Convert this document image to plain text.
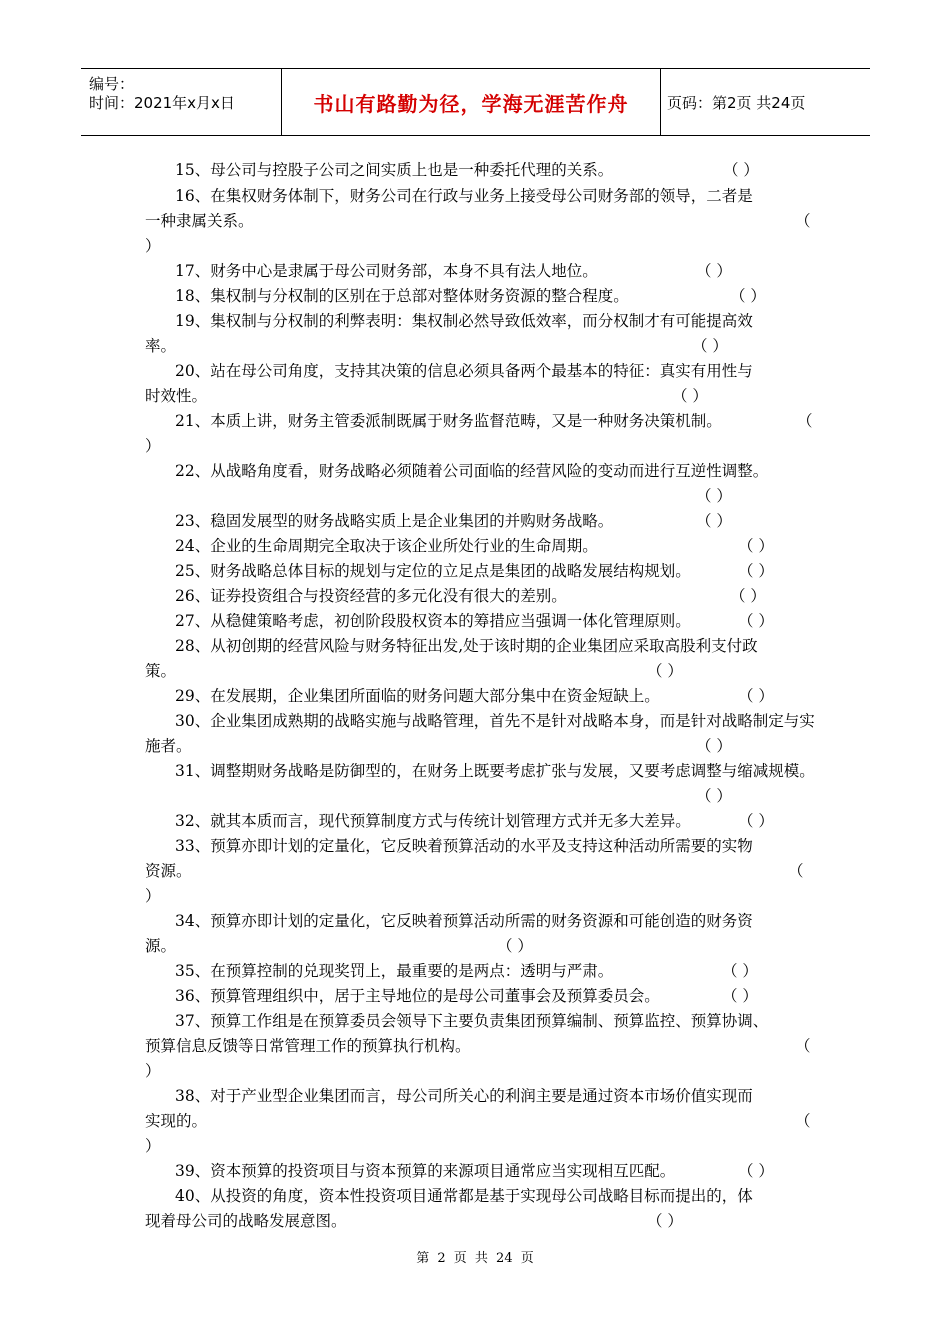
编号：
时间：2021年x月x日	书山有路勤为径，学海无涯苦作舟	页码：第2页 共24页
15、母公司与控股子公司之间实质上也是一种委托代理的关系。	（ ）
16、在集权财务体制下，财务公司在行政与业务上接受母公司财务部的领导，二者是
一种隶属关系。	（
）
17、财务中心是隶属于母公司财务部，本身不具有法人地位。	（ ）
18、集权制与分权制的区别在于总部对整体财务资源的整合程度。	（ ）
19、集权制与分权制的利弊表明：集权制必然导致低效率，而分权制才有可能提高效
率。	（ ）
20、站在母公司角度，支持其决策的信息必须具备两个最基本的特征：真实有用性与
时效性。	（ ）
21、本质上讲，财务主管委派制既属于财务监督范畴，又是一种财务决策机制。	（
）
22、从战略角度看，财务战略必须随着公司面临的经营风险的变动而进行互逆性调整。
（ ）
23、稳固发展型的财务战略实质上是企业集团的并购财务战略。	（ ）
24、企业的生命周期完全取决于该企业所处行业的生命周期。	（ ）
25、财务战略总体目标的规划与定位的立足点是集团的战略发展结构规划。	（ ）
26、证券投资组合与投资经营的多元化没有很大的差别。	（ ）
27、从稳健策略考虑，初创阶段股权资本的筹措应当强调一体化管理原则。	（ ）
28、从初创期的经营风险与财务特征出发,处于该时期的企业集团应采取高股利支付政
策。	（ ）
29、在发展期，企业集团所面临的财务问题大部分集中在资金短缺上。	（ ）
30、企业集团成熟期的战略实施与战略管理，首先不是针对战略本身，而是针对战略制定与实
施者。	（ ）
31、调整期财务战略是防御型的，在财务上既要考虑扩张与发展，又要考虑调整与缩减规模。
（ ）
32、就其本质而言，现代预算制度方式与传统计划管理方式并无多大差异。	（ ）
33、预算亦即计划的定量化，它反映着预算活动的水平及支持这种活动所需要的实物
资源。	（
）
34、预算亦即计划的定量化，它反映着预算活动所需的财务资源和可能创造的财务资
源。	（ ）
35、在预算控制的兑现奖罚上，最重要的是两点：透明与严肃。	（ ）
36、预算管理组织中，居于主导地位的是母公司董事会及预算委员会。	（ ）
37、预算工作组是在预算委员会领导下主要负责集团预算编制、预算监控、预算协调、
预算信息反馈等日常管理工作的预算执行机构。	（
）
38、对于产业型企业集团而言，母公司所关心的利润主要是通过资本市场价值实现而
实现的。	（
）
39、资本预算的投资项目与资本预算的来源项目通常应当实现相互匹配。	（ ）
40、从投资的角度，资本性投资项目通常都是基于实现母公司战略目标而提出的，体
现着母公司的战略发展意图。	（ ）
第 2 页 共 24 页
